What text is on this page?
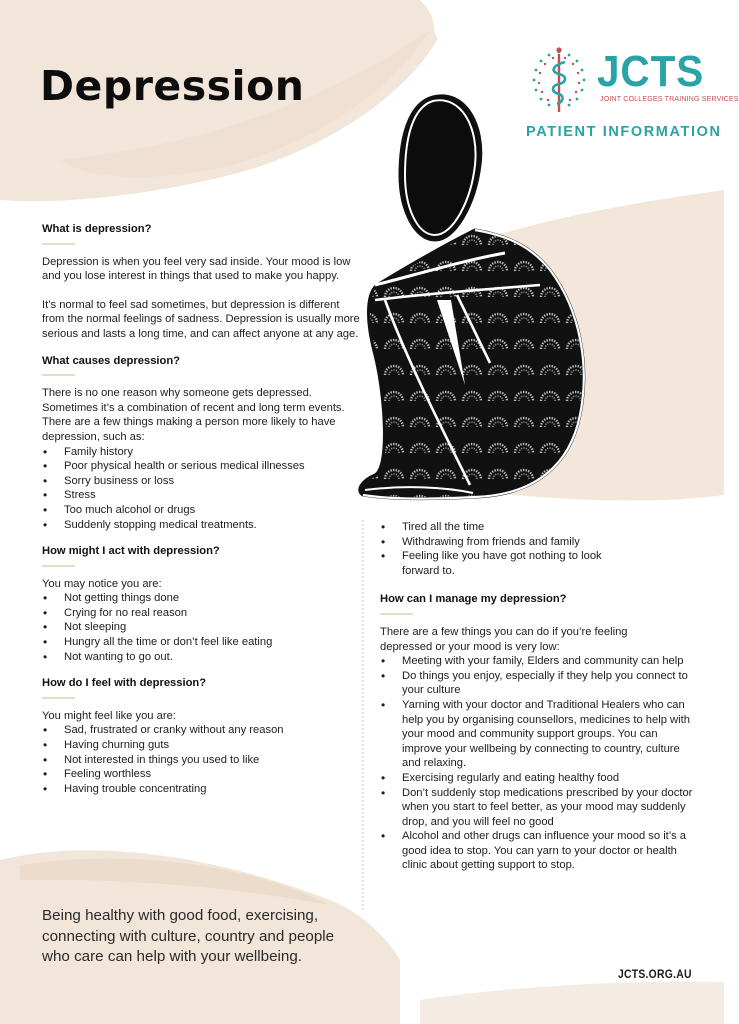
Depression	JCTS
JOINT COLLEGES TRAINING SERVICES
PATIENT INFORMATION
What is depression?

Depression is when you feel very sad inside. Your mood is low and you lose interest in things that used to make you happy.

It’s normal to feel sad sometimes, but depression is different from the normal feelings of sadness. Depression is usually more serious and lasts a long time, and can affect anyone at any age.

What causes depression?

There is no one reason why someone gets depressed. Sometimes it’s a combination of recent and long term events. There are a few things making a person more likely to have depression, such as:

• Family history
• Poor physical health or serious medical illnesses
• Sorry business or loss
• Stress
• Too much alcohol or drugs
• Suddenly stopping medical treatments.
How might I act with depression?

You may notice you are:

• Not getting things done
• Crying for no real reason
• Not sleeping
• Hungry all the time or don’t feel like eating
• Not wanting to go out.
How do I feel with depression?

You might feel like you are:

• Sad, frustrated or cranky without any reason
• Having churning guts
• Not interested in things you used to like
• Feeling worthless
• Having trouble concentrating
• Tired all the time
• Withdrawing from friends and family
• Feeling like you have got nothing to look forward to.
How can I manage my depression?

There are a few things you can do if you’re feeling depressed or your mood is very low:

• Meeting with your family, Elders and community can help
• Do things you enjoy, especially if they help you connect to your culture
• Yarning with your doctor and Traditional Healers who can help you by organising counsellors, medicines to help with your mood and community support groups. You can improve your wellbeing by connecting to country, culture and relaxing.
• Exercising regularly and eating healthy food
• Don’t suddenly stop medications prescribed by your doctor when you start to feel better, as your mood may suddenly drop, and you will feel no good
• Alcohol and other drugs can influence your mood so it’s a good idea to stop. You can yarn to your doctor or health clinic about getting support to stop.

Being healthy with good food, exercising, connecting with culture, country and people who care can help with your wellbeing.

JCTS.ORG.AU
